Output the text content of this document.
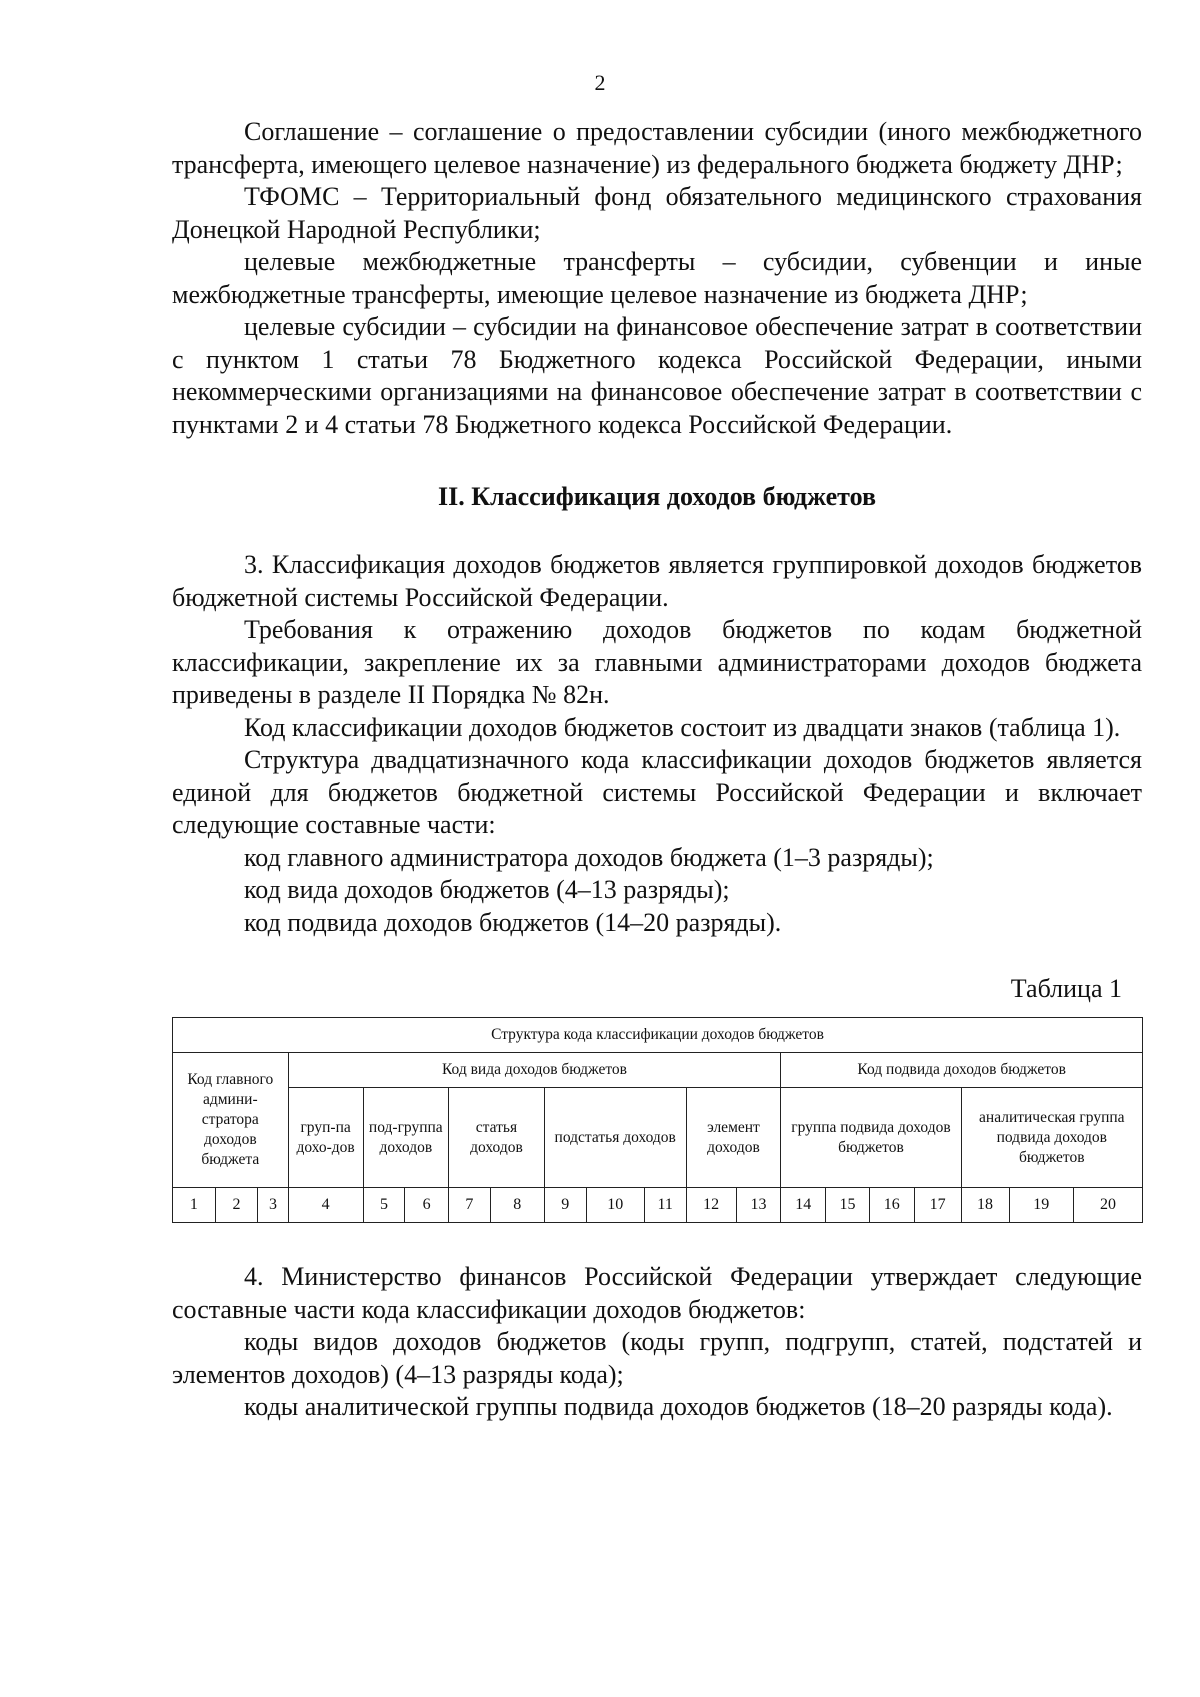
2

Соглашение – соглашение о предоставлении субсидии (иного межбюджетного трансферта, имеющего целевое назначение) из федерального бюджета бюджету ДНР;

ТФОМС – Территориальный фонд обязательного медицинского страхования Донецкой Народной Республики;

целевые межбюджетные трансферты – субсидии, субвенции и иные межбюджетные трансферты, имеющие целевое назначение из бюджета ДНР;

целевые субсидии – субсидии на финансовое обеспечение затрат в соответствии с пунктом 1 статьи 78 Бюджетного кодекса Российской Федерации, иными некоммерческими организациями на финансовое обеспечение затрат в соответствии с пунктами 2 и 4 статьи 78 Бюджетного кодекса Российской Федерации.

II. Классификация доходов бюджетов

3. Классификация доходов бюджетов является группировкой доходов бюджетов бюджетной системы Российской Федерации.

Требования к отражению доходов бюджетов по кодам бюджетной классификации, закрепление их за главными администраторами доходов бюджета приведены в разделе II Порядка № 82н.

Код классификации доходов бюджетов состоит из двадцати знаков (таблица 1).

Структура двадцатизначного кода классификации доходов бюджетов является единой для бюджетов бюджетной системы Российской Федерации и включает следующие составные части:

код главного администратора доходов бюджета (1–3 разряды);

код вида доходов бюджетов (4–13 разряды);

код подвида доходов бюджетов (14–20 разряды).

Таблица 1
Структура кода классификации доходов бюджетов																			
Код главного админи-стратора доходов бюджета			Код вида доходов бюджетов										Код подвида доходов бюджетов						
			груп-па дохо-дов	под-группа доходов		статья доходов		подстатья доходов			элемент доходов		группа подвида доходов бюджетов				аналитическая группа подвида доходов бюджетов		
1	2	3	4	5	6	7	8	9	10	11	12	13	14	15	16	17	18	19	20

4. Министерство финансов Российской Федерации утверждает следующие составные части кода классификации доходов бюджетов:

коды видов доходов бюджетов (коды групп, подгрупп, статей, подстатей и элементов доходов) (4–13 разряды кода);

коды аналитической группы подвида доходов бюджетов (18–20 разряды кода).
